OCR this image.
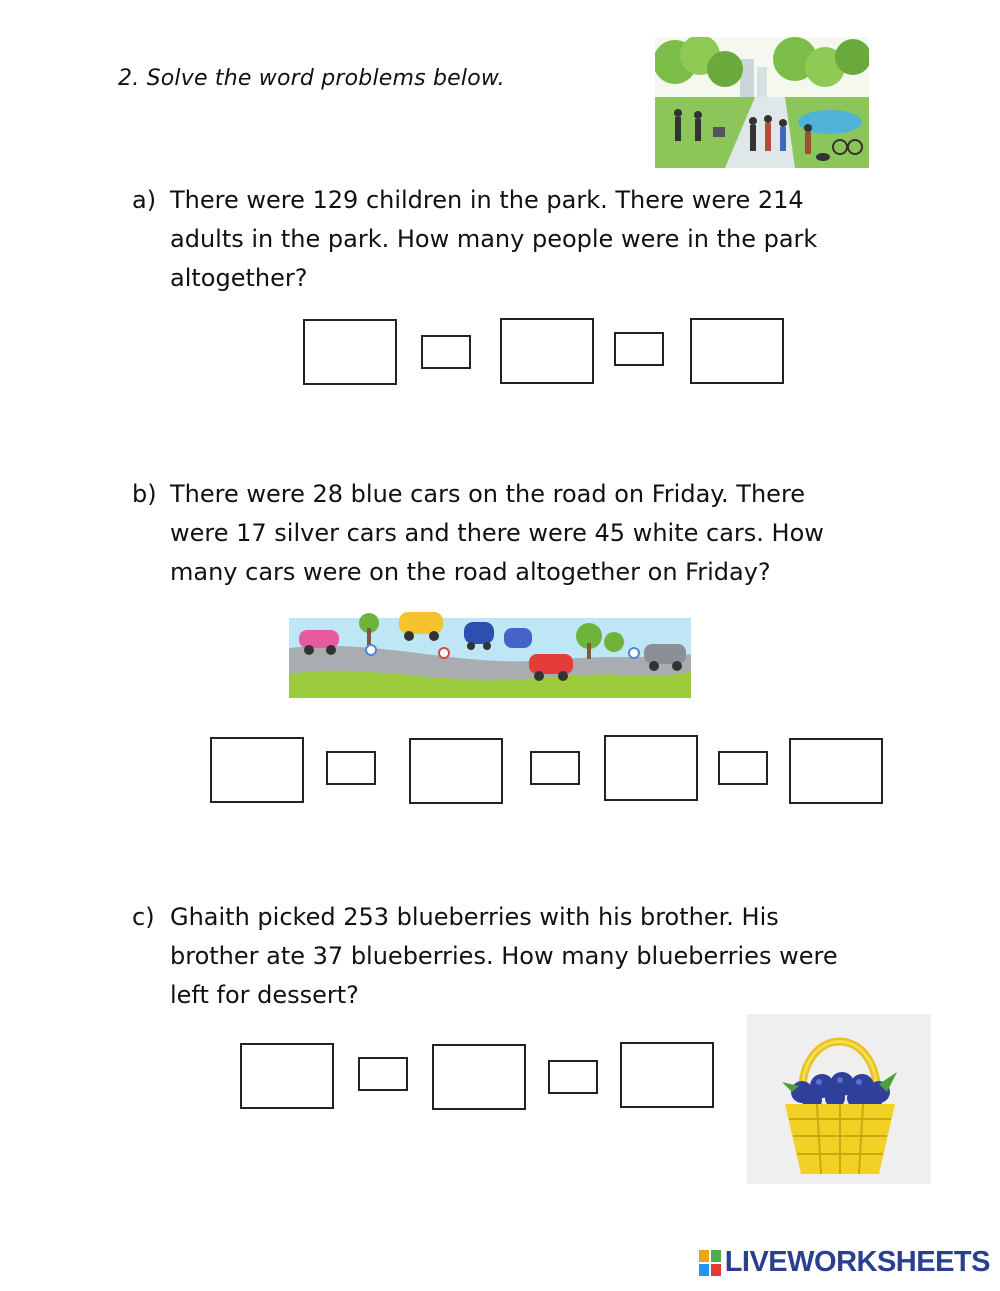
2. Solve the word problems below.
a) There were 129 children in the park. There were 214
adults in the park. How many people were in the park
altogether?
b) There were 28 blue cars on the road on Friday. There
were 17 silver cars and there were 45 white cars. How
many cars were on the road altogether on Friday?
c) Ghaith picked 253 blueberries with his brother. His
brother ate 37 blueberries. How many blueberries were
left for dessert?
LIVEWORKSHEETS
